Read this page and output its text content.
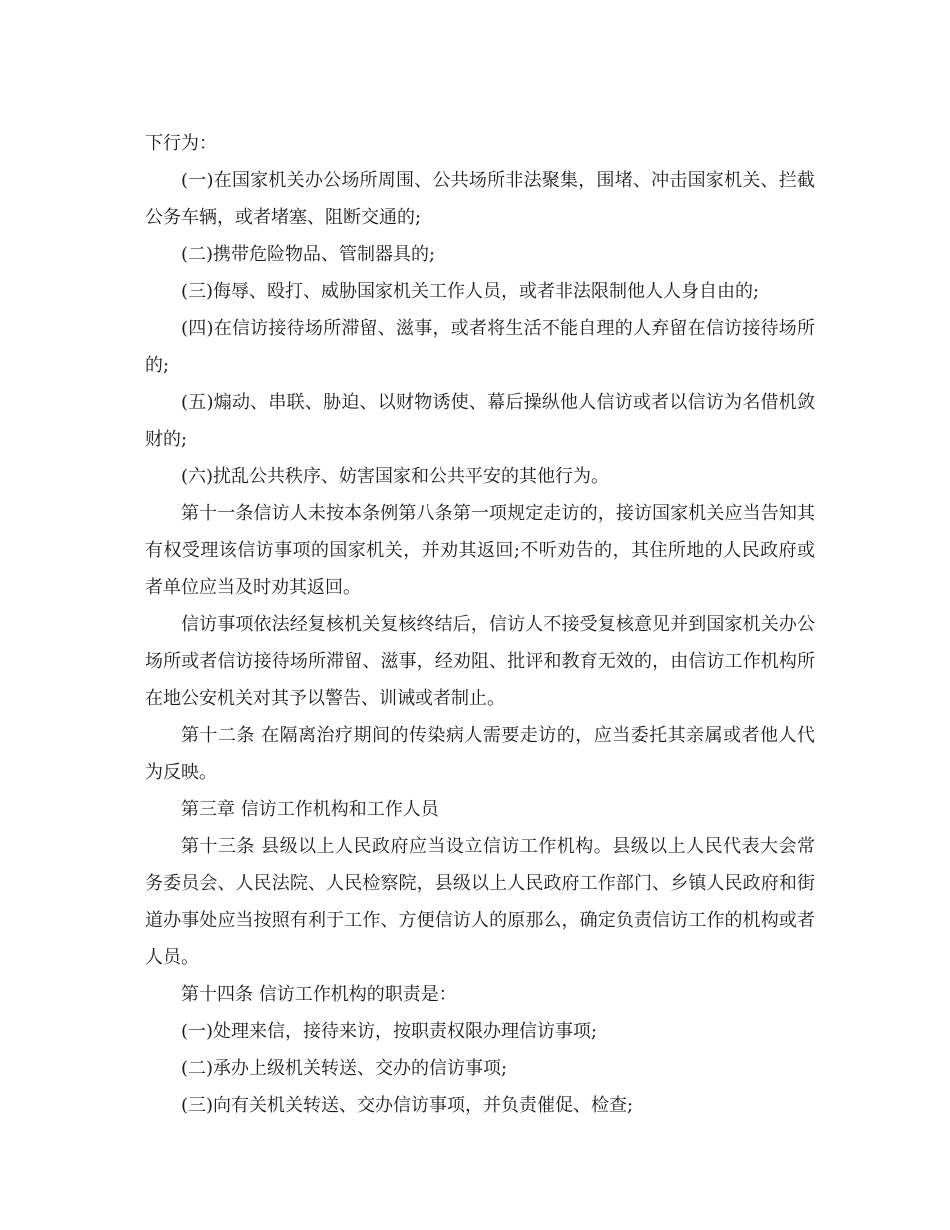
下行为：

(一)在国家机关办公场所周围、公共场所非法聚集，围堵、冲击国家机关、拦截公务车辆，或者堵塞、阻断交通的;

(二)携带危险物品、管制器具的;

(三)侮辱、殴打、威胁国家机关工作人员，或者非法限制他人人身自由的;

(四)在信访接待场所滞留、滋事，或者将生活不能自理的人弃留在信访接待场所的;

(五)煽动、串联、胁迫、以财物诱使、幕后操纵他人信访或者以信访为名借机敛财的;

(六)扰乱公共秩序、妨害国家和公共平安的其他行为。

第十一条信访人未按本条例第八条第一项规定走访的，接访国家机关应当告知其有权受理该信访事项的国家机关，并劝其返回;不听劝告的，其住所地的人民政府或者单位应当及时劝其返回。

信访事项依法经复核机关复核终结后，信访人不接受复核意见并到国家机关办公场所或者信访接待场所滞留、滋事，经劝阻、批评和教育无效的，由信访工作机构所在地公安机关对其予以警告、训诫或者制止。

第十二条 在隔离治疗期间的传染病人需要走访的，应当委托其亲属或者他人代为反映。

第三章 信访工作机构和工作人员

第十三条 县级以上人民政府应当设立信访工作机构。县级以上人民代表大会常务委员会、人民法院、人民检察院，县级以上人民政府工作部门、乡镇人民政府和街道办事处应当按照有利于工作、方便信访人的原那么，确定负责信访工作的机构或者人员。

第十四条 信访工作机构的职责是：

(一)处理来信，接待来访，按职责权限办理信访事项;

(二)承办上级机关转送、交办的信访事项;

(三)向有关机关转送、交办信访事项，并负责催促、检查;
